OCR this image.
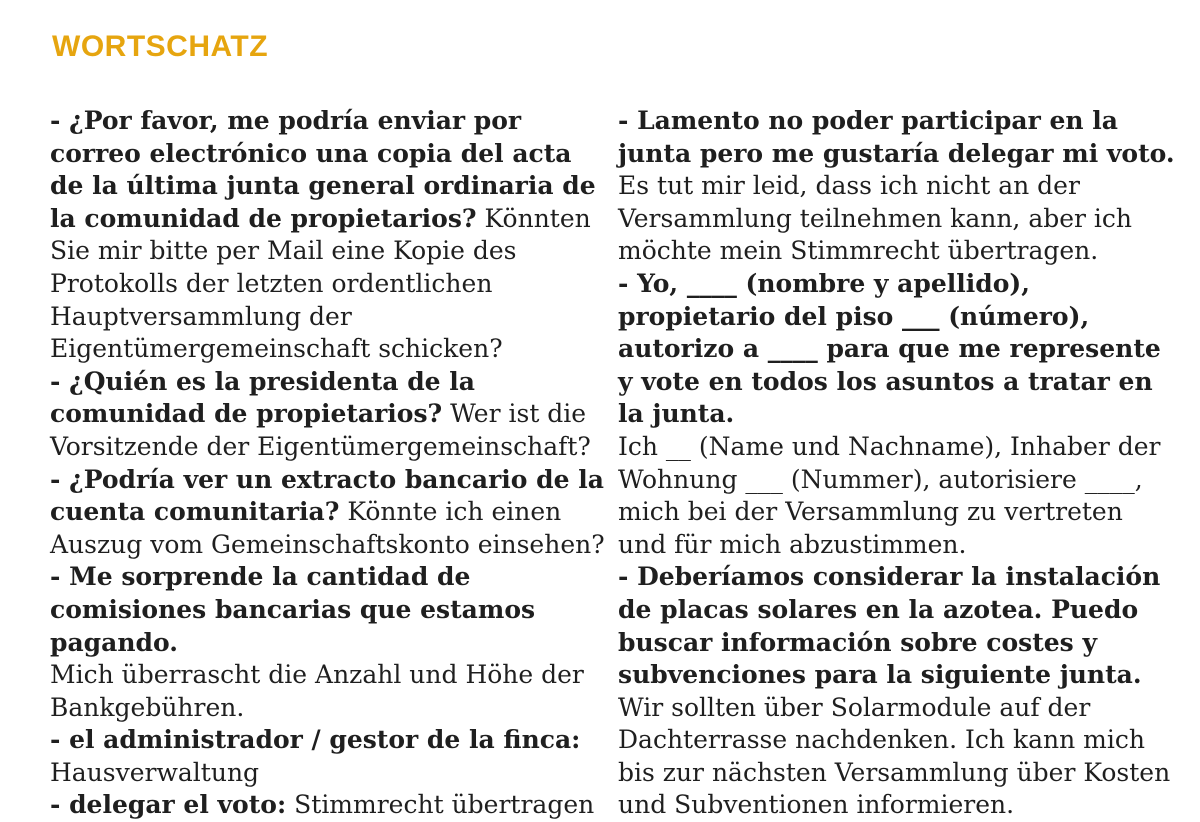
WORTSCHATZ

- ¿Por favor, me podría enviar por correo electrónico una copia del acta de la última junta general ordinaria de la comunidad de propietarios? Könnten Sie mir bitte per Mail eine Kopie des Protokolls der letzten ordentlichen Hauptversammlung der Eigentümergemeinschaft schicken?

- ¿Quién es la presidenta de la comunidad de propietarios? Wer ist die Vorsitzende der Eigentümergemeinschaft?

- ¿Podría ver un extracto bancario de la cuenta comunitaria? Könnte ich einen Auszug vom Gemeinschaftskonto einsehen?

- Me sorprende la cantidad de comisiones bancarias que estamos pagando.
Mich überrascht die Anzahl und Höhe der Bankgebühren.

- el administrador / gestor de la finca:
Hausverwaltung

- delegar el voto: Stimmrecht übertragen

- Lamento no poder participar en la junta pero me gustaría delegar mi voto.
Es tut mir leid, dass ich nicht an der Versammlung teilnehmen kann, aber ich möchte mein Stimmrecht übertragen.

- Yo, ____ (nombre y apellido), propietario del piso ___ (número), autorizo a ____ para que me represente y vote en todos los asuntos a tratar en la junta.
Ich __ (Name und Nachname), Inhaber der Wohnung ___ (Nummer), autorisiere ____, mich bei der Versammlung zu vertreten und für mich abzustimmen.

- Deberíamos considerar la instalación de placas solares en la azotea. Puedo buscar información sobre costes y subvenciones para la siguiente junta.
Wir sollten über Solarmodule auf der Dachterrasse nachdenken. Ich kann mich bis zur nächsten Versammlung über Kosten und Subventionen informieren.
